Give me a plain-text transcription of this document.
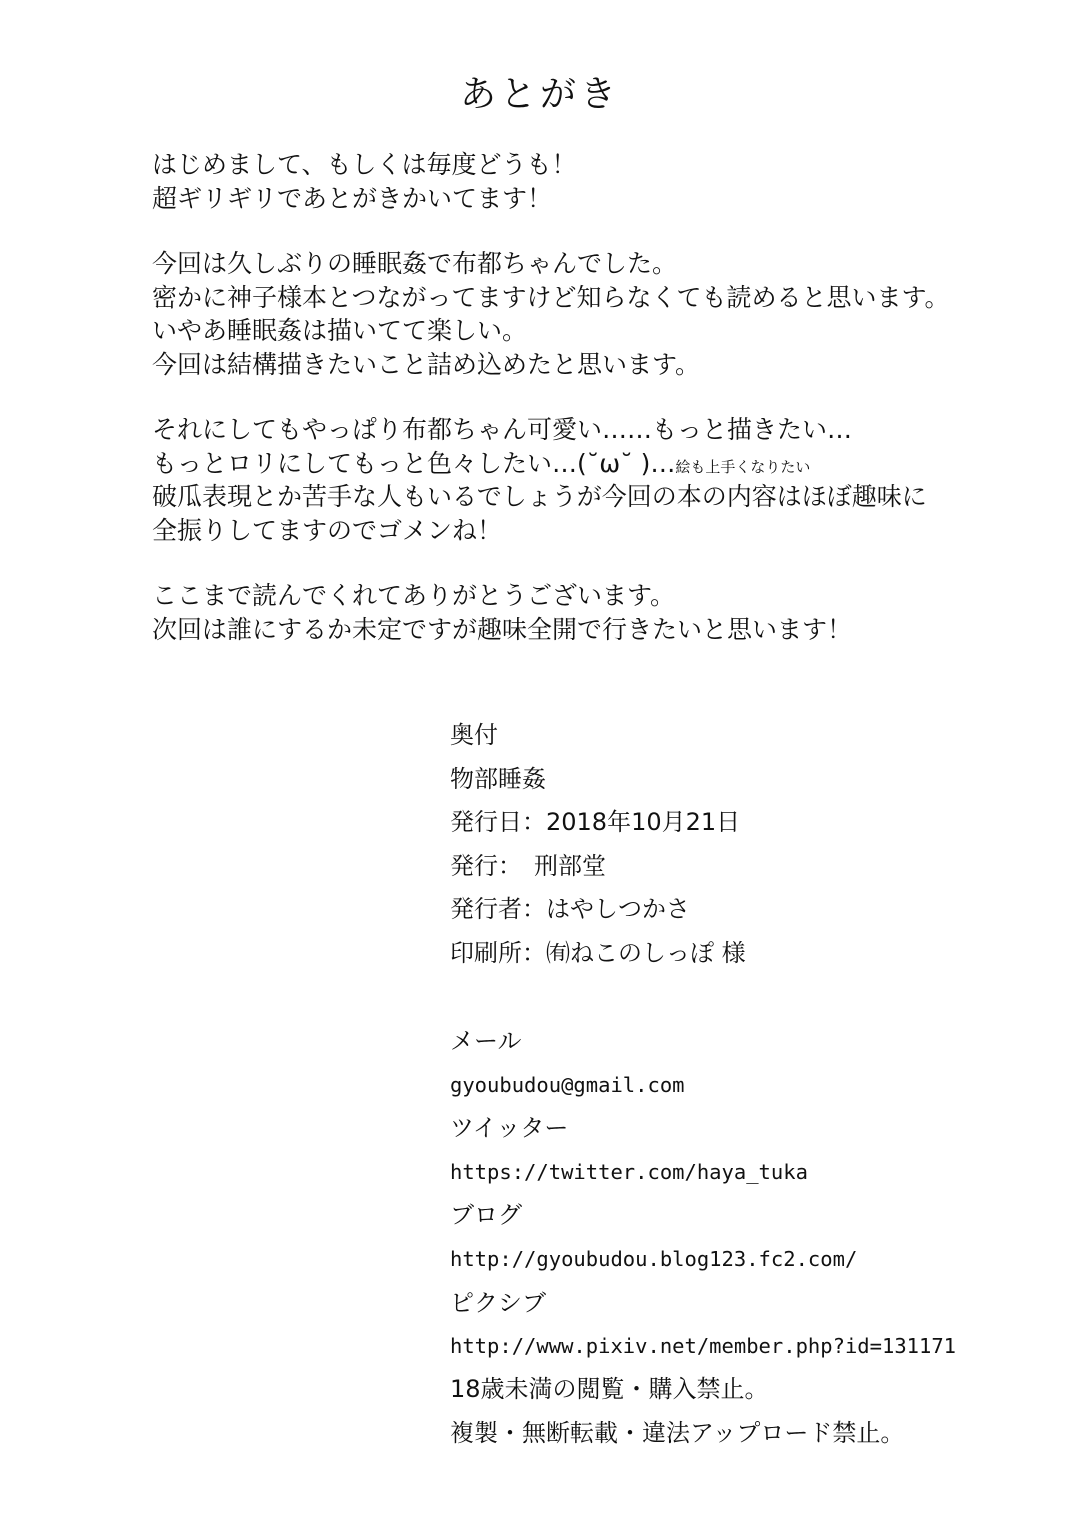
あとがき
はじめまして、もしくは毎度どうも！
超ギリギリであとがきかいてます！
今回は久しぶりの睡眠姦で布都ちゃんでした。
密かに神子様本とつながってますけど知らなくても読めると思います。
いやあ睡眠姦は描いてて楽しい。
今回は結構描きたいこと詰め込めたと思います。
それにしてもやっぱり布都ちゃん可愛い……もっと描きたい…
もっとロリにしてもっと色々したい…(˘ω˘ )…絵も上手くなりたい
破瓜表現とか苦手な人もいるでしょうが今回の本の内容はほぼ趣味に
全振りしてますのでゴメンね！
ここまで読んでくれてありがとうございます。
次回は誰にするか未定ですが趣味全開で行きたいと思います！
奥付
物部睡姦
発行日：2018年10月21日
発行：　刑部堂
発行者：はやしつかさ
印刷所：㈲ねこのしっぽ 様
メール
gyoubudou@gmail.com
ツイッター
https://twitter.com/haya_tuka
ブログ
http://gyoubudou.blog123.fc2.com/
ピクシブ
http://www.pixiv.net/member.php?id=131171
18歳未満の閲覧・購入禁止。
複製・無断転載・違法アップロード禁止。
